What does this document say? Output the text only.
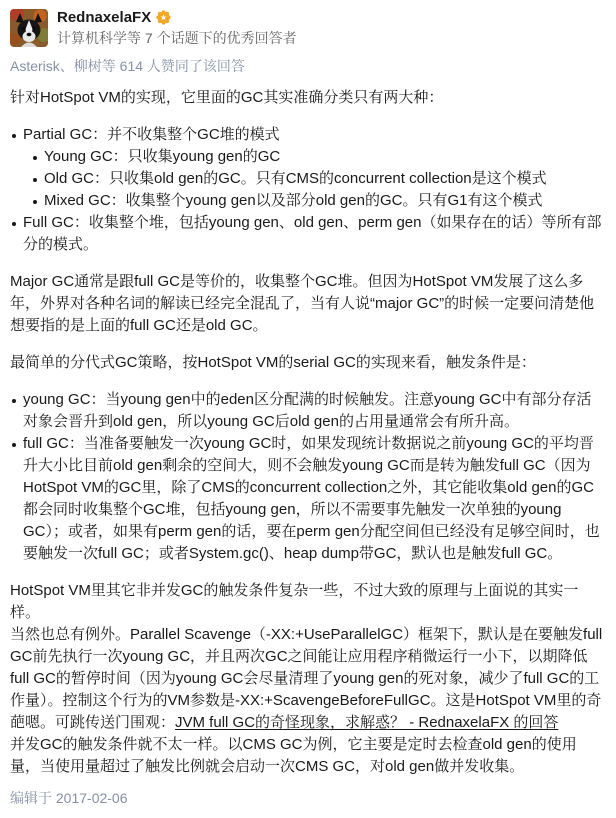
RednaxelaFX
计算机科学等 7 个话题下的优秀回答者
Asterisk、柳树等 614 人赞同了该回答

针对HotSpot VM的实现，它里面的GC其实准确分类只有两大种：

Partial GC：并不收集整个GC堆的模式
Young GC：只收集young gen的GC
Old GC：只收集old gen的GC。只有CMS的concurrent collection是这个模式
Mixed GC：收集整个young gen以及部分old gen的GC。只有G1有这个模式
Full GC：收集整个堆，包括young gen、old gen、perm gen（如果存在的话）等所有部分的模式。

Major GC通常是跟full GC是等价的，收集整个GC堆。但因为HotSpot VM发展了这么多年，外界对各种名词的解读已经完全混乱了，当有人说“major GC”的时候一定要问清楚他想要指的是上面的full GC还是old GC。

最简单的分代式GC策略，按HotSpot VM的serial GC的实现来看，触发条件是：

young GC：当young gen中的eden区分配满的时候触发。注意young GC中有部分存活对象会晋升到old gen，所以young GC后old gen的占用量通常会有所升高。
full GC：当准备要触发一次young GC时，如果发现统计数据说之前young GC的平均晋升大小比目前old gen剩余的空间大，则不会触发young GC而是转为触发full GC（因为HotSpot VM的GC里，除了CMS的concurrent collection之外，其它能收集old gen的GC都会同时收集整个GC堆，包括young gen，所以不需要事先触发一次单独的young GC）；或者，如果有perm gen的话，要在perm gen分配空间但已经没有足够空间时，也要触发一次full GC；或者System.gc()、heap dump带GC，默认也是触发full GC。

HotSpot VM里其它非并发GC的触发条件复杂一些，不过大致的原理与上面说的其实一样。

当然也总有例外。Parallel Scavenge（-XX:+UseParallelGC）框架下，默认是在要触发full GC前先执行一次young GC，并且两次GC之间能让应用程序稍微运行一小下，以期降低full GC的暂停时间（因为young GC会尽量清理了young gen的死对象，减少了full GC的工作量）。控制这个行为的VM参数是-XX:+ScavengeBeforeFullGC。这是HotSpot VM里的奇葩嗯。可跳传送门围观：JVM full GC的奇怪现象，求解惑？ - RednaxelaFX 的回答

并发GC的触发条件就不太一样。以CMS GC为例，它主要是定时去检查old gen的使用量，当使用量超过了触发比例就会启动一次CMS GC，对old gen做并发收集。

编辑于 2017-02-06
